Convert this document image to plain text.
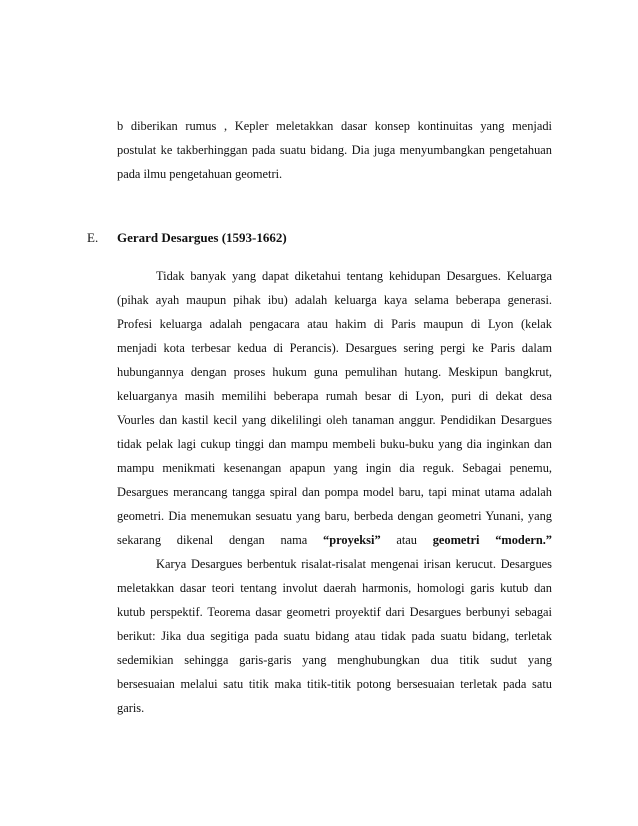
b diberikan rumus , Kepler meletakkan dasar konsep kontinuitas yang menjadi
postulat ke takberhinggan pada suatu bidang. Dia juga menyumbangkan pengetahuan
pada ilmu pengetahuan geometri.
E. Gerard Desargues (1593-1662)
Tidak banyak yang dapat diketahui tentang kehidupan Desargues. Keluarga
(pihak ayah maupun pihak ibu) adalah keluarga kaya selama beberapa generasi.
Profesi keluarga adalah pengacara atau hakim di Paris maupun di Lyon (kelak
menjadi kota terbesar kedua di Perancis). Desargues sering pergi ke Paris dalam
hubungannya dengan proses hukum guna pemulihan hutang. Meskipun bangkrut,
keluarganya masih memilihi beberapa rumah besar di Lyon, puri di dekat desa
Vourles dan kastil kecil yang dikelilingi oleh tanaman anggur. Pendidikan Desargues
tidak pelak lagi cukup tinggi dan mampu membeli buku-buku yang dia inginkan dan
mampu menikmati kesenangan apapun yang ingin dia reguk. Sebagai penemu,
Desargues merancang tangga spiral dan pompa model baru, tapi minat utama adalah
geometri. Dia menemukan sesuatu yang baru, berbeda dengan geometri Yunani, yang
sekarang dikenal dengan nama “proyeksi” atau geometri “modern.”
Karya Desargues berbentuk risalat-risalat mengenai irisan kerucut. Desargues
meletakkan dasar teori tentang involut daerah harmonis, homologi garis kutub dan
kutub perspektif. Teorema dasar geometri proyektif dari Desargues berbunyi sebagai
berikut: Jika dua segitiga pada suatu bidang atau tidak pada suatu bidang, terletak
sedemikian sehingga garis-garis yang menghubungkan dua titik sudut yang
bersesuaian melalui satu titik maka titik-titik potong bersesuaian terletak pada satu
garis.
